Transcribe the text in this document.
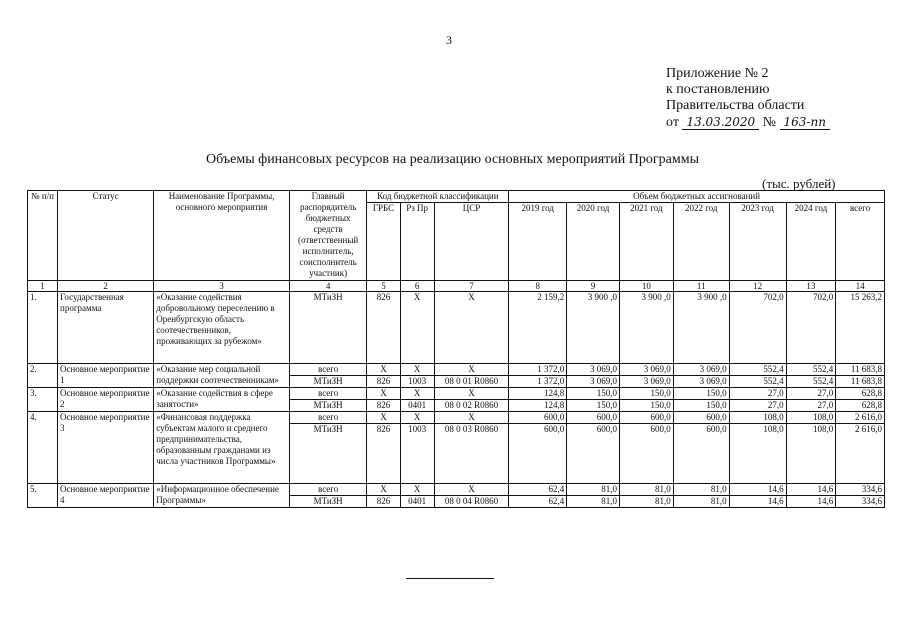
3
Приложение № 2
к постановлению
Правительства области
от 13.03.2020 № 163-пп
Объемы финансовых ресурсов на реализацию основных мероприятий Программы
(тыс. рублей)
№ п/п	Статус	Наименование Программы, основного мероприятия	Главный распорядитель бюджетных средств (ответственный исполнитель, соисполнитель участник)	Код бюджетной классификации			Объем бюджетных ассигнований						
				ГРБС	Рз Пр	ЦСР	2019 год	2020 год	2021 год	2022 год	2023 год	2024 год	всего
1	2	3	4	5	6	7	8	9	10	11	12	13	14
1.	Государственная программа	«Оказание содействия добровольному переселению в Оренбургскую область соотечественников, проживающих за рубежом»	МТиЗН	826	Х	Х	2 159,2	3 900 ,0	3 900 ,0	3 900 ,0	702,0	702,0	15 263,2
2.	Основное мероприятие 1	«Оказание мер социальной поддержки соотечественникам»	всего	Х	Х	Х	1 372,0	3 069,0	3 069,0	3 069,0	552,4	552,4	11 683,8
			МТиЗН	826	1003	08 0 01 R0860	1 372,0	3 069,0	3 069,0	3 069,0	552,4	552,4	11 683,8
3.	Основное мероприятие 2	«Оказание содействия в сфере занятости»	всего	Х	Х	Х	124,8	150,0	150,0	150,0	27,0	27,0	628,8
			МТиЗН	826	0401	08 0 02 R0860	124,8	150,0	150,0	150,0	27,0	27,0	628,8
4.	Основное мероприятие 3	«Финансовая поддержка субъектам малого и среднего предпринимательства, образованным гражданами из числа участников Программы»	всего	Х	Х	Х	600,0	600,0	600,0	600,0	108,0	108,0	2 616,0
			МТиЗН	826	1003	08 0 03 R0860	600,0	600,0	600,0	600,0	108,0	108,0	2 616,0
5.	Основное мероприятие 4	«Информационное обеспечение Программы»	всего	Х	Х	Х	62,4	81,0	81,0	81,0	14,6	14,6	334,6
			МТиЗН	826	0401	08 0 04 R0860	62,4	81,0	81,0	81,0	14,6	14,6	334,6
